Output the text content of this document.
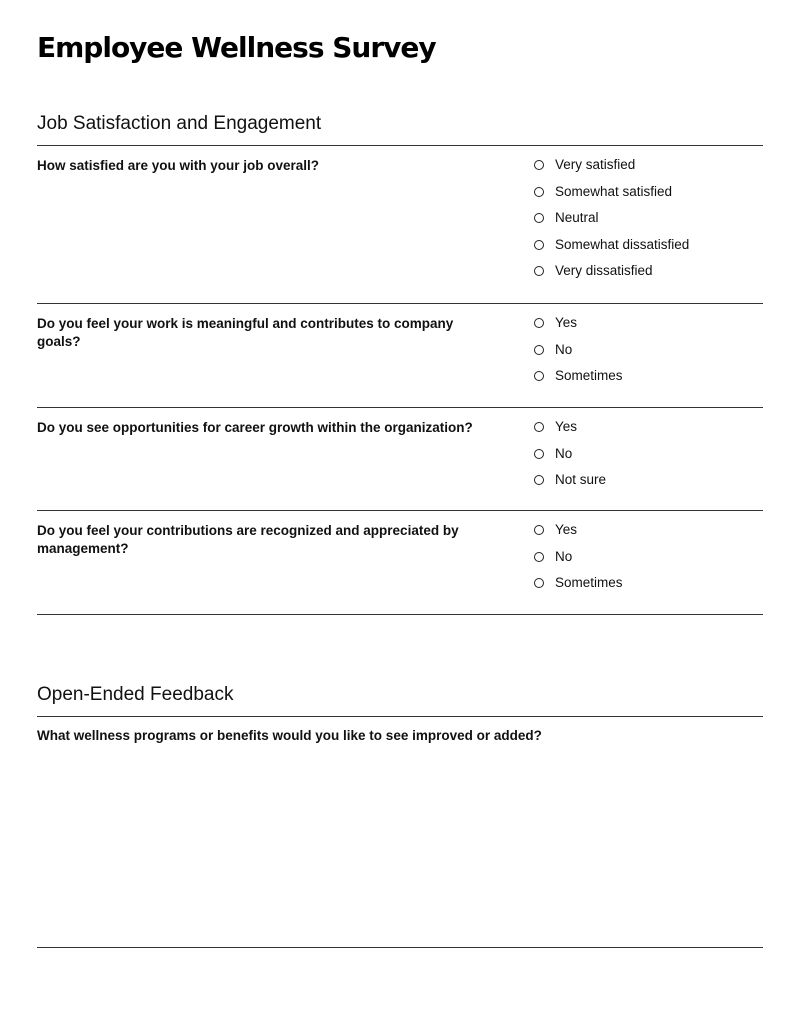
Employee Wellness Survey
Job Satisfaction and Engagement
How satisfied are you with your job overall?	Very satisfied
Somewhat satisfied
Neutral
Somewhat dissatisfied
Very dissatisfied
Do you feel your work is meaningful and contributes to company goals?
Yes
No
Sometimes
Do you see opportunities for career growth within the organization?	Yes
No
Not sure
Do you feel your contributions are recognized and appreciated by management?
Yes
No
Sometimes
Open-Ended Feedback
What wellness programs or benefits would you like to see improved or added?
